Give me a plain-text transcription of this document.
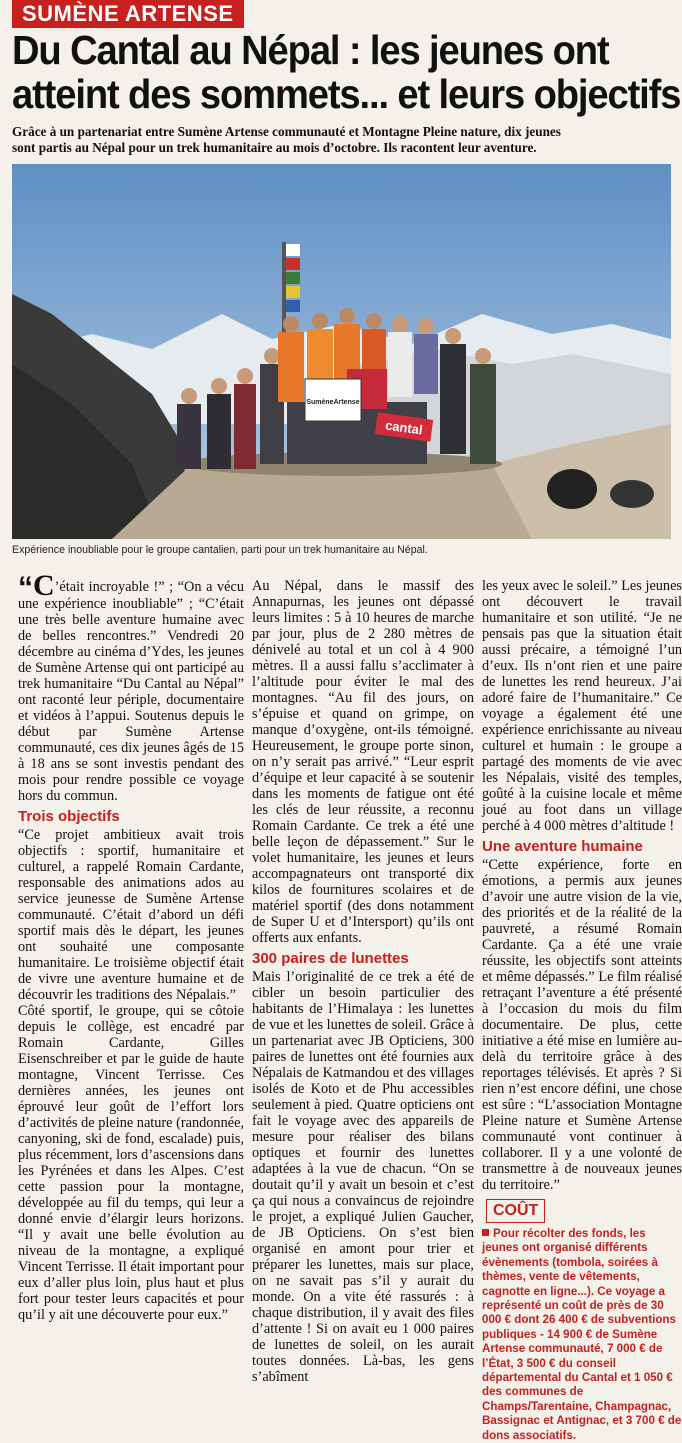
SUMÈNE ARTENSE
Du Cantal au Népal : les jeunes ont
atteint des sommets... et leurs objectifs
Grâce à un partenariat entre Sumène Artense communauté et Montagne Pleine nature, dix jeunes
sont partis au Népal pour un trek humanitaire au mois d’octobre. Ils racontent leur aventure.
SumèneArtense
cantal
Expérience inoubliable pour le groupe cantalien, parti pour un trek humanitaire au Népal.

“C’était incroyable !” ; “On a vécu une expérience inoubliable” ; “C’était une très belle aventure humaine avec de belles rencontres.” Vendredi 20 décembre au cinéma d’Ydes, les jeunes de Sumène Artense qui ont participé au trek humanitaire “Du Cantal au Népal” ont raconté leur périple, documentaire et vidéos à l’appui. Soutenus depuis le début par Sumène Artense communauté, ces dix jeunes âgés de 15 à 18 ans se sont investis pendant des mois pour rendre possible ce voyage hors du commun.

Trois objectifs

“Ce projet ambitieux avait trois objectifs : sportif, humanitaire et culturel, a rappelé Romain Cardante, responsable des animations ados au service jeunesse de Sumène Artense communauté. C’était d’abord un défi sportif mais dès le départ, les jeunes ont souhaité une composante humanitaire. Le troisième objectif était de vivre une aventure humaine et de découvrir les traditions des Népalais.”

Côté sportif, le groupe, qui se côtoie depuis le collège, est encadré par Romain Cardante, Gilles Eisenschreiber et par le guide de haute montagne, Vincent Terrisse. Ces dernières années, les jeunes ont éprouvé leur goût de l’effort lors d’activités de pleine nature (randonnée, canyoning, ski de fond, escalade) puis, plus récemment, lors d’ascensions dans les Pyrénées et dans les Alpes. C’est cette passion pour la montagne, développée au fil du temps, qui leur a donné envie d’élargir leurs horizons. “Il y avait une belle évolution au niveau de la montagne, a expliqué Vincent Terrisse. Il était important pour eux d’aller plus loin, plus haut et plus fort pour tester leurs capacités et pour qu’il y ait une découverte pour eux.”

Au Népal, dans le massif des Annapurnas, les jeunes ont dépassé leurs limites : 5 à 10 heures de marche par jour, plus de 2 280 mètres de dénivelé au total et un col à 4 900 mètres. Il a aussi fallu s’acclimater à l’altitude pour éviter le mal des montagnes. “Au fil des jours, on s’épuise et quand on grimpe, on manque d’oxygène, ont-ils témoigné. Heureusement, le groupe porte sinon, on n’y serait pas arrivé.” “Leur esprit d’équipe et leur capacité à se soutenir dans les moments de fatigue ont été les clés de leur réussite, a reconnu Romain Cardante. Ce trek a été une belle leçon de dépassement.” Sur le volet humanitaire, les jeunes et leurs accompagnateurs ont transporté dix kilos de fournitures scolaires et de matériel sportif (des dons notamment de Super U et d’Intersport) qu’ils ont offerts aux enfants.

300 paires de lunettes

Mais l’originalité de ce trek a été de cibler un besoin particulier des habitants de l’Himalaya : les lunettes de vue et les lunettes de soleil. Grâce à un partenariat avec JB Opticiens, 300 paires de lunettes ont été fournies aux Népalais de Katmandou et des villages isolés de Koto et de Phu accessibles seulement à pied. Quatre opticiens ont fait le voyage avec des appareils de mesure pour réaliser des bilans optiques et fournir des lunettes adaptées à la vue de chacun. “On se doutait qu’il y avait un besoin et c’est ça qui nous a convaincus de rejoindre le projet, a expliqué Julien Gaucher, de JB Opticiens. On s’est bien organisé en amont pour trier et préparer les lunettes, mais sur place, on ne savait pas s’il y aurait du monde. On a vite été rassurés : à chaque distribution, il y avait des files d’attente ! Si on avait eu 1 000 paires de lunettes de soleil, on les aurait toutes données. Là-bas, les gens s’abîment

les yeux avec le soleil.” Les jeunes ont découvert le travail humanitaire et son utilité. “Je ne pensais pas que la situation était aussi précaire, a témoigné l’un d’eux. Ils n’ont rien et une paire de lunettes les rend heureux. J’ai adoré faire de l’humanitaire.” Ce voyage a également été une expérience enrichissante au niveau culturel et humain : le groupe a partagé des moments de vie avec les Népalais, visité des temples, goûté à la cuisine locale et même joué au foot dans un village perché à 4 000 mètres d’altitude !

Une aventure humaine

“Cette expérience, forte en émotions, a permis aux jeunes d’avoir une autre vision de la vie, des priorités et de la réalité de la pauvreté, a résumé Romain Cardante. Ça a été une vraie réussite, les objectifs sont atteints et même dépassés.” Le film réalisé retraçant l’aventure a été présenté à l’occasion du mois du film documentaire. De plus, cette initiative a été mise en lumière au-delà du territoire grâce à des reportages télévisés. Et après ? Si rien n’est encore défini, une chose est sûre : “L’association Montagne Pleine nature et Sumène Artense communauté vont continuer à collaborer. Il y a une volonté de transmettre à de nouveaux jeunes du territoire.”

COÛT
Pour récolter des fonds, les jeunes ont organisé différents évènements (tombola, soirées à thèmes, vente de vêtements, cagnotte en ligne...). Ce voyage a représenté un coût de près de 30 000 € dont 26 400 € de subventions publiques - 14 900 € de Sumène Artense communauté, 7 000 € de l’État, 3 500 € du conseil départemental du Cantal et 1 050 € des communes de Champs/Tarentaine, Champagnac, Bassignac et Antignac, et 3 700 € de dons associatifs.
